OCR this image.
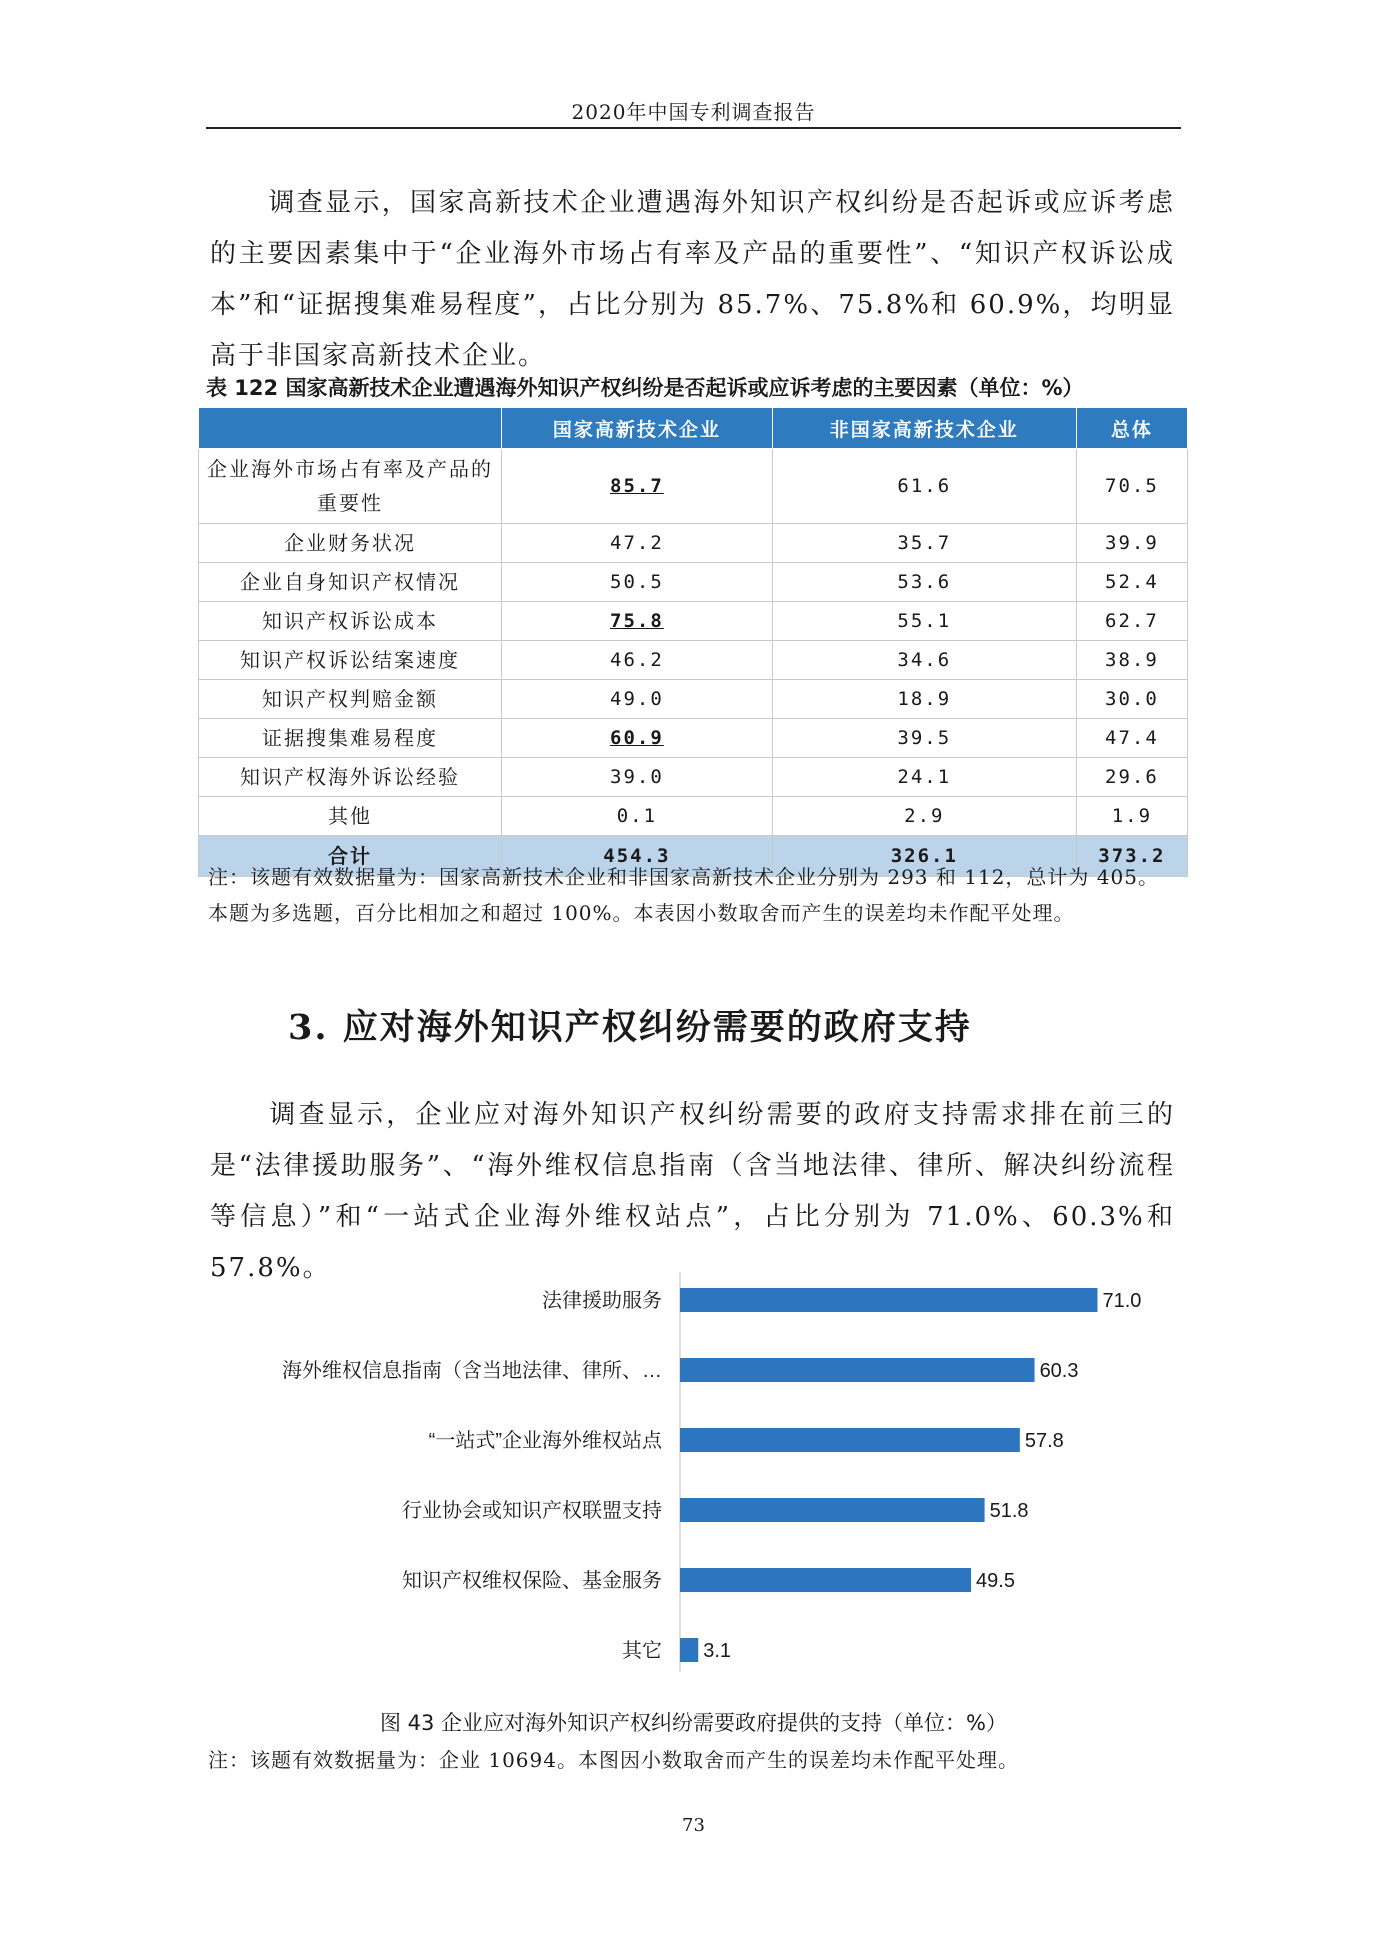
2020年中国专利调查报告

调查显示，国家高新技术企业遭遇海外知识产权纠纷是否起诉或应诉考虑的主要因素集中于“企业海外市场占有率及产品的重要性”、“知识产权诉讼成本”和“证据搜集难易程度”，占比分别为 85.7%、75.8%和 60.9%，均明显高于非国家高新技术企业。

表 122 国家高新技术企业遭遇海外知识产权纠纷是否起诉或应诉考虑的主要因素（单位：%）

	国家高新技术企业	非国家高新技术企业	总体
企业海外市场占有率及产品的重要性	85.7	61.6	70.5
企业财务状况	47.2	35.7	39.9
企业自身知识产权情况	50.5	53.6	52.4
知识产权诉讼成本	75.8	55.1	62.7
知识产权诉讼结案速度	46.2	34.6	38.9
知识产权判赔金额	49.0	18.9	30.0
证据搜集难易程度	60.9	39.5	47.4
知识产权海外诉讼经验	39.0	24.1	29.6
其他	0.1	2.9	1.9
合计	454.3	326.1	373.2

注：该题有效数据量为：国家高新技术企业和非国家高新技术企业分别为 293 和 112，总计为 405。本题为多选题，百分比相加之和超过 100%。本表因小数取舍而产生的误差均未作配平处理。

3. 应对海外知识产权纠纷需要的政府支持

调查显示，企业应对海外知识产权纠纷需要的政府支持需求排在前三的是“法律援助服务”、“海外维权信息指南（含当地法律、律所、解决纠纷流程等信息）”和“一站式企业海外维权站点”，占比分别为 71.0%、60.3%和 57.8%。

法律援助服务	71.0
海外维权信息指南（含当地法律、律所、…	60.3
“一站式”企业海外维权站点	57.8
行业协会或知识产权联盟支持	51.8
知识产权维权保险、基金服务	49.5
其它 3.1

图 43 企业应对海外知识产权纠纷需要政府提供的支持（单位：%）

注：该题有效数据量为：企业 10694。本图因小数取舍而产生的误差均未作配平处理。

73
